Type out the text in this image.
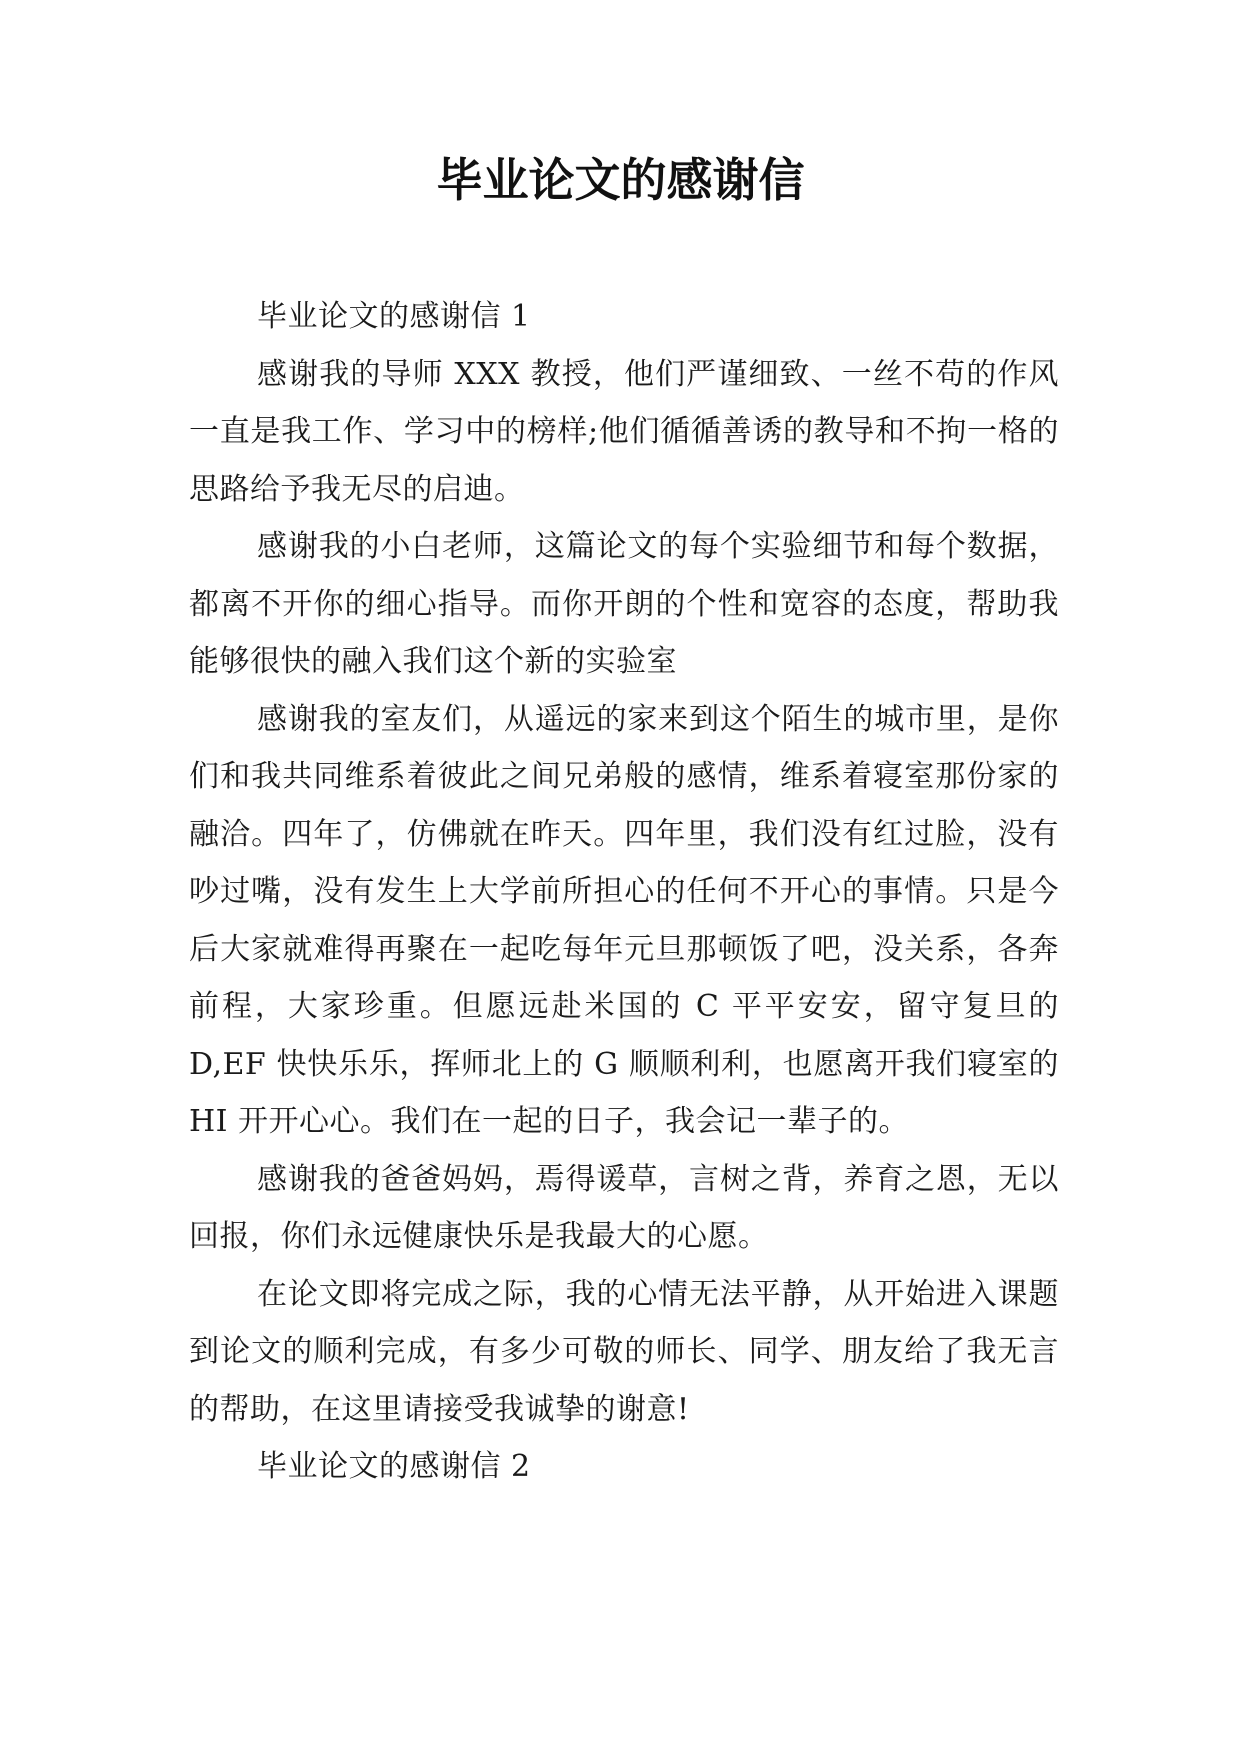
毕业论文的感谢信

毕业论文的感谢信 1

感谢我的导师 XXX 教授，他们严谨细致、一丝不苟的作风一直是我工作、学习中的榜样;他们循循善诱的教导和不拘一格的思路给予我无尽的启迪。

感谢我的小白老师，这篇论文的每个实验细节和每个数据，都离不开你的细心指导。而你开朗的个性和宽容的态度，帮助我能够很快的融入我们这个新的实验室

感谢我的室友们，从遥远的家来到这个陌生的城市里，是你们和我共同维系着彼此之间兄弟般的感情，维系着寝室那份家的融洽。四年了，仿佛就在昨天。四年里，我们没有红过脸，没有吵过嘴，没有发生上大学前所担心的任何不开心的事情。只是今后大家就难得再聚在一起吃每年元旦那顿饭了吧，没关系，各奔前程，大家珍重。但愿远赴米国的 C 平平安安，留守复旦的 D,EF 快快乐乐，挥师北上的 G 顺顺利利，也愿离开我们寝室的 HI 开开心心。我们在一起的日子，我会记一辈子的。

感谢我的爸爸妈妈，焉得谖草，言树之背，养育之恩，无以回报，你们永远健康快乐是我最大的心愿。

在论文即将完成之际，我的心情无法平静，从开始进入课题到论文的顺利完成，有多少可敬的师长、同学、朋友给了我无言的帮助，在这里请接受我诚挚的谢意!

毕业论文的感谢信 2
